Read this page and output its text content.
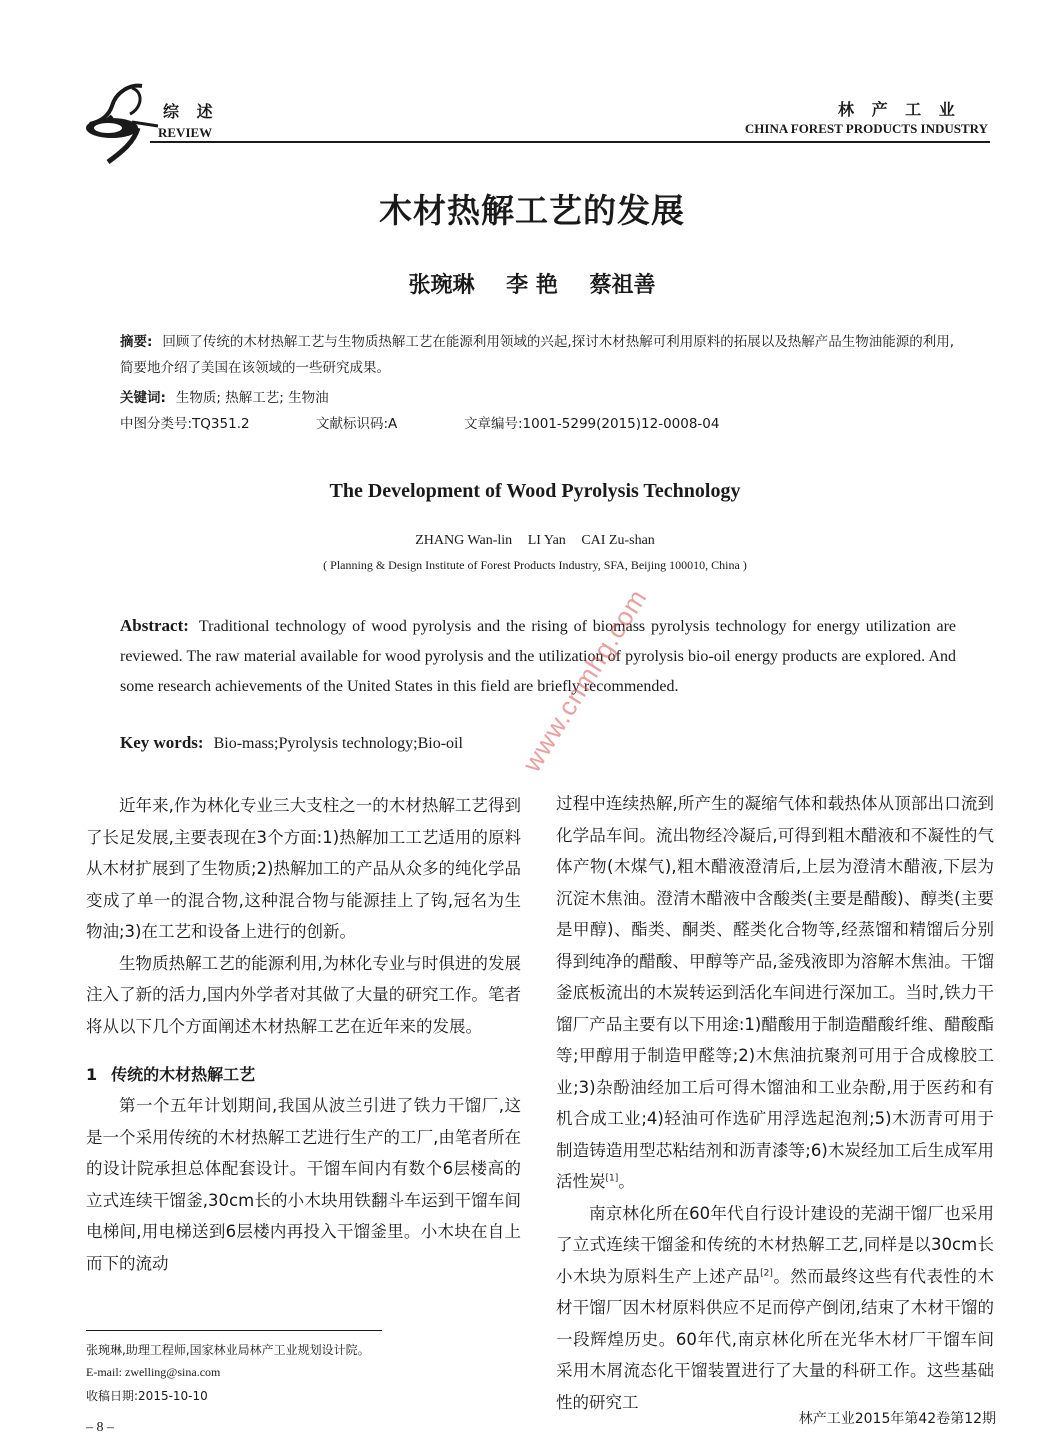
综 述
REVIEW
林 产 工 业
CHINA FOREST PRODUCTS INDUSTRY
木材热解工艺的发展
张琬琳 李 艳 蔡祖善
摘要: 回顾了传统的木材热解工艺与生物质热解工艺在能源利用领域的兴起,探讨木材热解可利用原料的拓展以及热解产品生物油能源的利用,简要地介绍了美国在该领域的一些研究成果。
关键词: 生物质; 热解工艺; 生物油
中图分类号:TQ351.2	文献标识码:A	文章编号:1001-5299(2015)12-0008-04
The Development of Wood Pyrolysis Technology
ZHANG Wan-lin LI Yan CAI Zu-shan
( Planning & Design Institute of Forest Products Industry, SFA, Beijing 100010, China )
Abstract: Traditional technology of wood pyrolysis and the rising of biomass pyrolysis technology for energy utilization are reviewed. The raw material available for wood pyrolysis and the utilization of pyrolysis bio-oil energy products are explored. And some research achievements of the United States in this field are briefly recommended.
Key words: Bio-mass;Pyrolysis technology;Bio-oil

近年来,作为林化专业三大支柱之一的木材热解工艺得到了长足发展,主要表现在3个方面:1)热解加工工艺适用的原料从木材扩展到了生物质;2)热解加工的产品从众多的纯化学品变成了单一的混合物,这种混合物与能源挂上了钩,冠名为生物油;3)在工艺和设备上进行的创新。

生物质热解工艺的能源利用,为林化专业与时俱进的发展注入了新的活力,国内外学者对其做了大量的研究工作。笔者将从以下几个方面阐述木材热解工艺在近年来的发展。

1 传统的木材热解工艺

第一个五年计划期间,我国从波兰引进了铁力干馏厂,这是一个采用传统的木材热解工艺进行生产的工厂,由笔者所在的设计院承担总体配套设计。干馏车间内有数个6层楼高的立式连续干馏釜,30cm长的小木块用铁翻斗车运到干馏车间电梯间,用电梯送到6层楼内再投入干馏釜里。小木块在自上而下的流动

过程中连续热解,所产生的凝缩气体和载热体从顶部出口流到化学品车间。流出物经冷凝后,可得到粗木醋液和不凝性的气体产物(木煤气),粗木醋液澄清后,上层为澄清木醋液,下层为沉淀木焦油。澄清木醋液中含酸类(主要是醋酸)、醇类(主要是甲醇)、酯类、酮类、醛类化合物等,经蒸馏和精馏后分别得到纯净的醋酸、甲醇等产品,釜残液即为溶解木焦油。干馏釜底板流出的木炭转运到活化车间进行深加工。当时,铁力干馏厂产品主要有以下用途:1)醋酸用于制造醋酸纤维、醋酸酯等;甲醇用于制造甲醛等;2)木焦油抗聚剂可用于合成橡胶工业;3)杂酚油经加工后可得木馏油和工业杂酚,用于医药和有机合成工业;4)轻油可作选矿用浮选起泡剂;5)木沥青可用于制造铸造用型芯粘结剂和沥青漆等;6)木炭经加工后生成军用活性炭[1]。

南京林化所在60年代自行设计建设的芜湖干馏厂也采用了立式连续干馏釜和传统的木材热解工艺,同样是以30cm长小木块为原料生产上述产品[2]。然而最终这些有代表性的木材干馏厂因木材原料供应不足而停产倒闭,结束了木材干馏的一段辉煌历史。60年代,南京林化所在光华木材厂干馏车间采用木屑流态化干馏装置进行了大量的科研工作。这些基础性的研究工

张琬琳,助理工程师,国家林业局林产工业规划设计院。
E-mail: zwelling@sina.com
收稿日期:2015-10-10
– 8 –
林产工业2015年第42卷第12期
www.cnmhg.com
